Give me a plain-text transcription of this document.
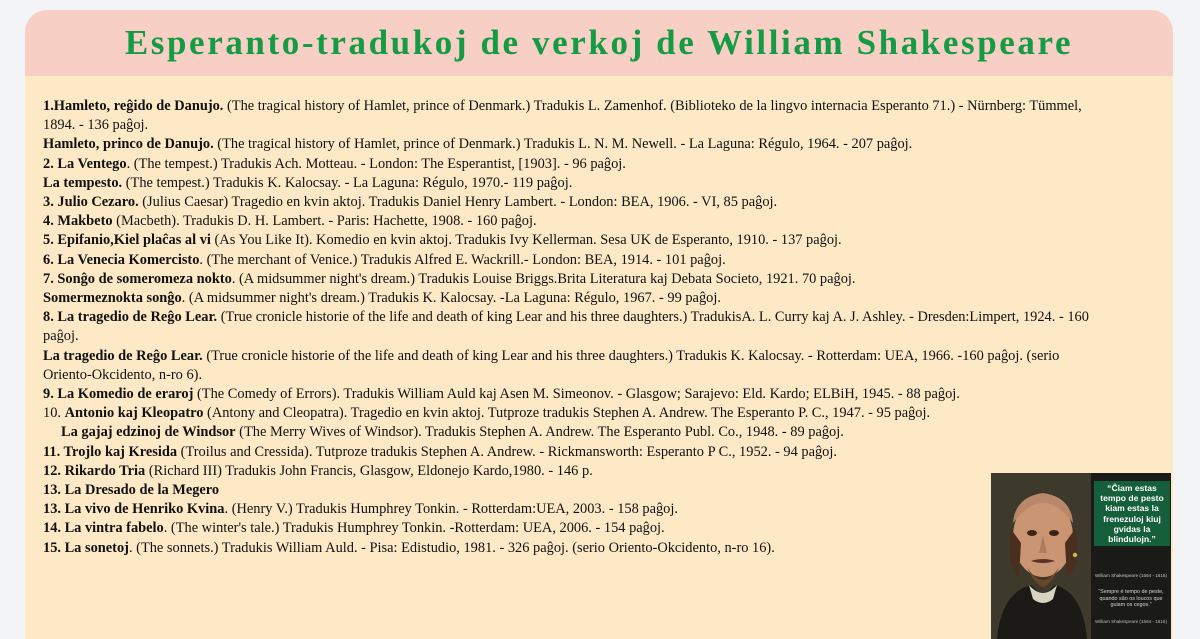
Esperanto-tradukoj de verkoj de William Shakespeare

1.Hamleto, reĝido de Danujo. (The tragical history of Hamlet, prince of Denmark.) Tradukis L. Zamenhof. (Biblioteko de la lingvo internacia Esperanto 71.) - Nürnberg: Tümmel, 1894. - 136 paĝoj.

Hamleto, princo de Danujo. (The tragical history of Hamlet, prince of Denmark.) Tradukis L. N. M. Newell. - La Laguna: Régulo, 1964. - 207 paĝoj.

2. La Ventego. (The tempest.) Tradukis Ach. Motteau. - London: The Esperantist, [1903]. - 96 paĝoj.

La tempesto. (The tempest.) Tradukis K. Kalocsay. - La Laguna: Régulo, 1970.- 119 paĝoj.

3. Julio Cezaro. (Julius Caesar) Tragedio en kvin aktoj. Tradukis Daniel Henry Lambert. - London: BEA, 1906. - VI, 85 paĝoj.

4. Makbeto (Macbeth). Tradukis D. H. Lambert. - Paris: Hachette, 1908. - 160 paĝoj.

5. Epifanio,Kiel plaĉas al vi (As You Like It). Komedio en kvin aktoj. Tradukis Ivy Kellerman. Sesa UK de Esperanto, 1910. - 137 paĝoj.

6. La Venecia Komercisto. (The merchant of Venice.) Tradukis Alfred E. Wackrill.- London: BEA, 1914. - 101 paĝoj.

7. Sonĝo de someromeza nokto. (A midsummer night's dream.) Tradukis Louise Briggs.Brita Literatura kaj Debata Societo, 1921. 70 paĝoj.

Somermeznokta sonĝo. (A midsummer night's dream.) Tradukis K. Kalocsay. -La Laguna: Régulo, 1967. - 99 paĝoj.

8. La tragedio de Reĝo Lear. (True cronicle historie of the life and death of king Lear and his three daughters.) TradukisA. L. Curry kaj A. J. Ashley. - Dresden:Limpert, 1924. - 160 paĝoj.

La tragedio de Reĝo Lear. (True cronicle historie of the life and death of king Lear and his three daughters.) Tradukis K. Kalocsay. - Rotterdam: UEA, 1966. -160 paĝoj. (serio Oriento-Okcidento, n-ro 6).

9. La Komedio de eraroj (The Comedy of Errors). Tradukis William Auld kaj Asen M. Simeonov. - Glasgow; Sarajevo: Eld. Kardo; ELBiH, 1945. - 88 paĝoj.

10. Antonio kaj Kleopatro (Antony and Cleopatra). Tragedio en kvin aktoj. Tutproze tradukis Stephen A. Andrew. The Esperanto P. C., 1947. - 95 paĝoj.

La gajaj edzinoj de Windsor (The Merry Wives of Windsor). Tradukis Stephen A. Andrew. The Esperanto Publ. Co., 1948. - 89 paĝoj.

11. Trojlo kaj Kresida (Troilus and Cressida). Tutproze tradukis Stephen A. Andrew. - Rickmansworth: Esperanto P C., 1952. - 94 paĝoj.

12. Rikardo Tria (Richard III) Tradukis John Francis, Glasgow, Eldonejo Kardo,1980. - 146 p.

13. La Dresado de la Megero

13. La vivo de Henriko Kvina. (Henry V.) Tradukis Humphrey Tonkin. - Rotterdam:UEA, 2003. - 158 paĝoj.

14. La vintra fabelo. (The winter's tale.) Tradukis Humphrey Tonkin. -Rotterdam: UEA, 2006. - 154 paĝoj.

15. La sonetoj. (The sonnets.) Tradukis William Auld. - Pisa: Edistudio, 1981. - 326 paĝoj. (serio Oriento-Okcidento, n-ro 16).

“Ĉiam estas tempo de pesto kiam estas la frenezuloj kiuj gvidas la blindulojn.”
William Shakespeare (1564 - 1616)
“Sempre é tempo de peste, quando são os loucos que guiam os cegos.”
William Shakespeare (1564 - 1616)
